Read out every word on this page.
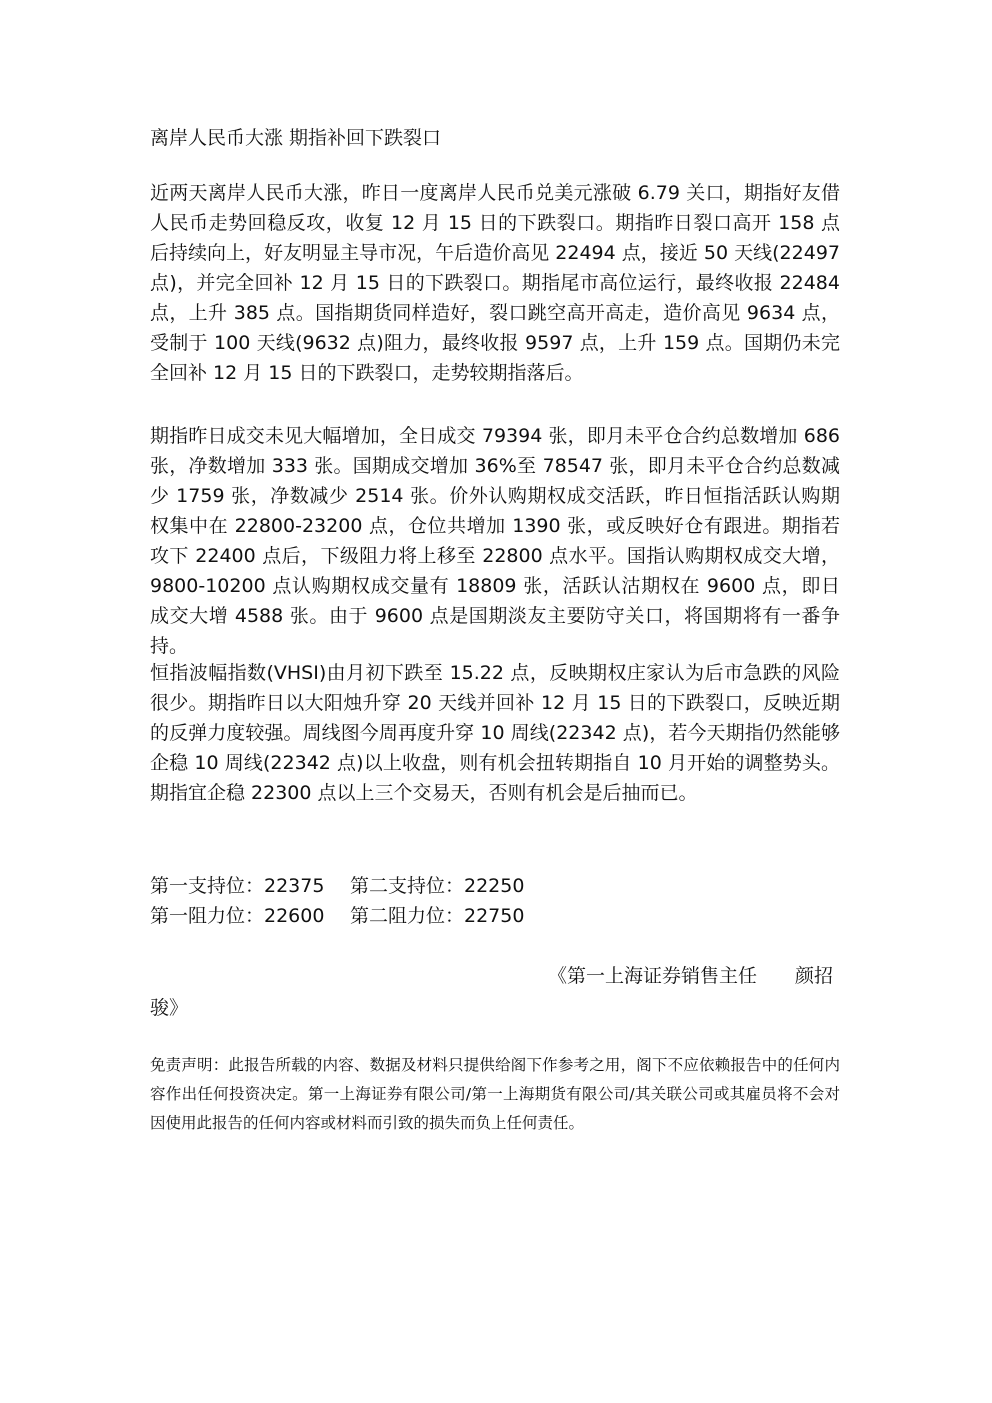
离岸人民币大涨 期指补回下跌裂口

近两天离岸人民币大涨，昨日一度离岸人民币兑美元涨破 6.79 关口，期指好友借人民币走势回稳反攻，收复 12 月 15 日的下跌裂口。期指昨日裂口高开 158 点后持续向上，好友明显主导市况，午后造价高见 22494 点，接近 50 天线(22497 点)，并完全回补 12 月 15 日的下跌裂口。期指尾市高位运行，最终收报 22484 点，上升 385 点。国指期货同样造好，裂口跳空高开高走，造价高见 9634 点，受制于 100 天线(9632 点)阻力，最终收报 9597 点，上升 159 点。国期仍未完全回补 12 月 15 日的下跌裂口，走势较期指落后。

期指昨日成交未见大幅增加，全日成交 79394 张，即月未平仓合约总数增加 686 张，净数增加 333 张。国期成交增加 36%至 78547 张，即月未平仓合约总数减少 1759 张，净数减少 2514 张。价外认购期权成交活跃，昨日恒指活跃认购期权集中在 22800-23200 点，仓位共增加 1390 张，或反映好仓有跟进。期指若攻下 22400 点后，下级阻力将上移至 22800 点水平。国指认购期权成交大增，9800-10200 点认购期权成交量有 18809 张，活跃认沽期权在 9600 点，即日成交大增 4588 张。由于 9600 点是国期淡友主要防守关口，将国期将有一番争持。

恒指波幅指数(VHSI)由月初下跌至 15.22 点，反映期权庄家认为后市急跌的风险很少。期指昨日以大阳烛升穿 20 天线并回补 12 月 15 日的下跌裂口，反映近期的反弹力度较强。周线图今周再度升穿 10 周线(22342 点)，若今天期指仍然能够企稳 10 周线(22342 点)以上收盘，则有机会扭转期指自 10 月开始的调整势头。期指宜企稳 22300 点以上三个交易天，否则有机会是后抽而已。

第一支持位：22375	第二支持位：22250
第一阻力位：22600	第二阻力位：22750
《第一上海证券销售主任　　颜招
骏》

免责声明：此报告所载的内容、数据及材料只提供给阁下作参考之用，阁下不应依赖报告中的任何内容作出任何投资决定。第一上海证券有限公司/第一上海期货有限公司/其关联公司或其雇员将不会对因使用此报告的任何内容或材料而引致的损失而负上任何责任。
